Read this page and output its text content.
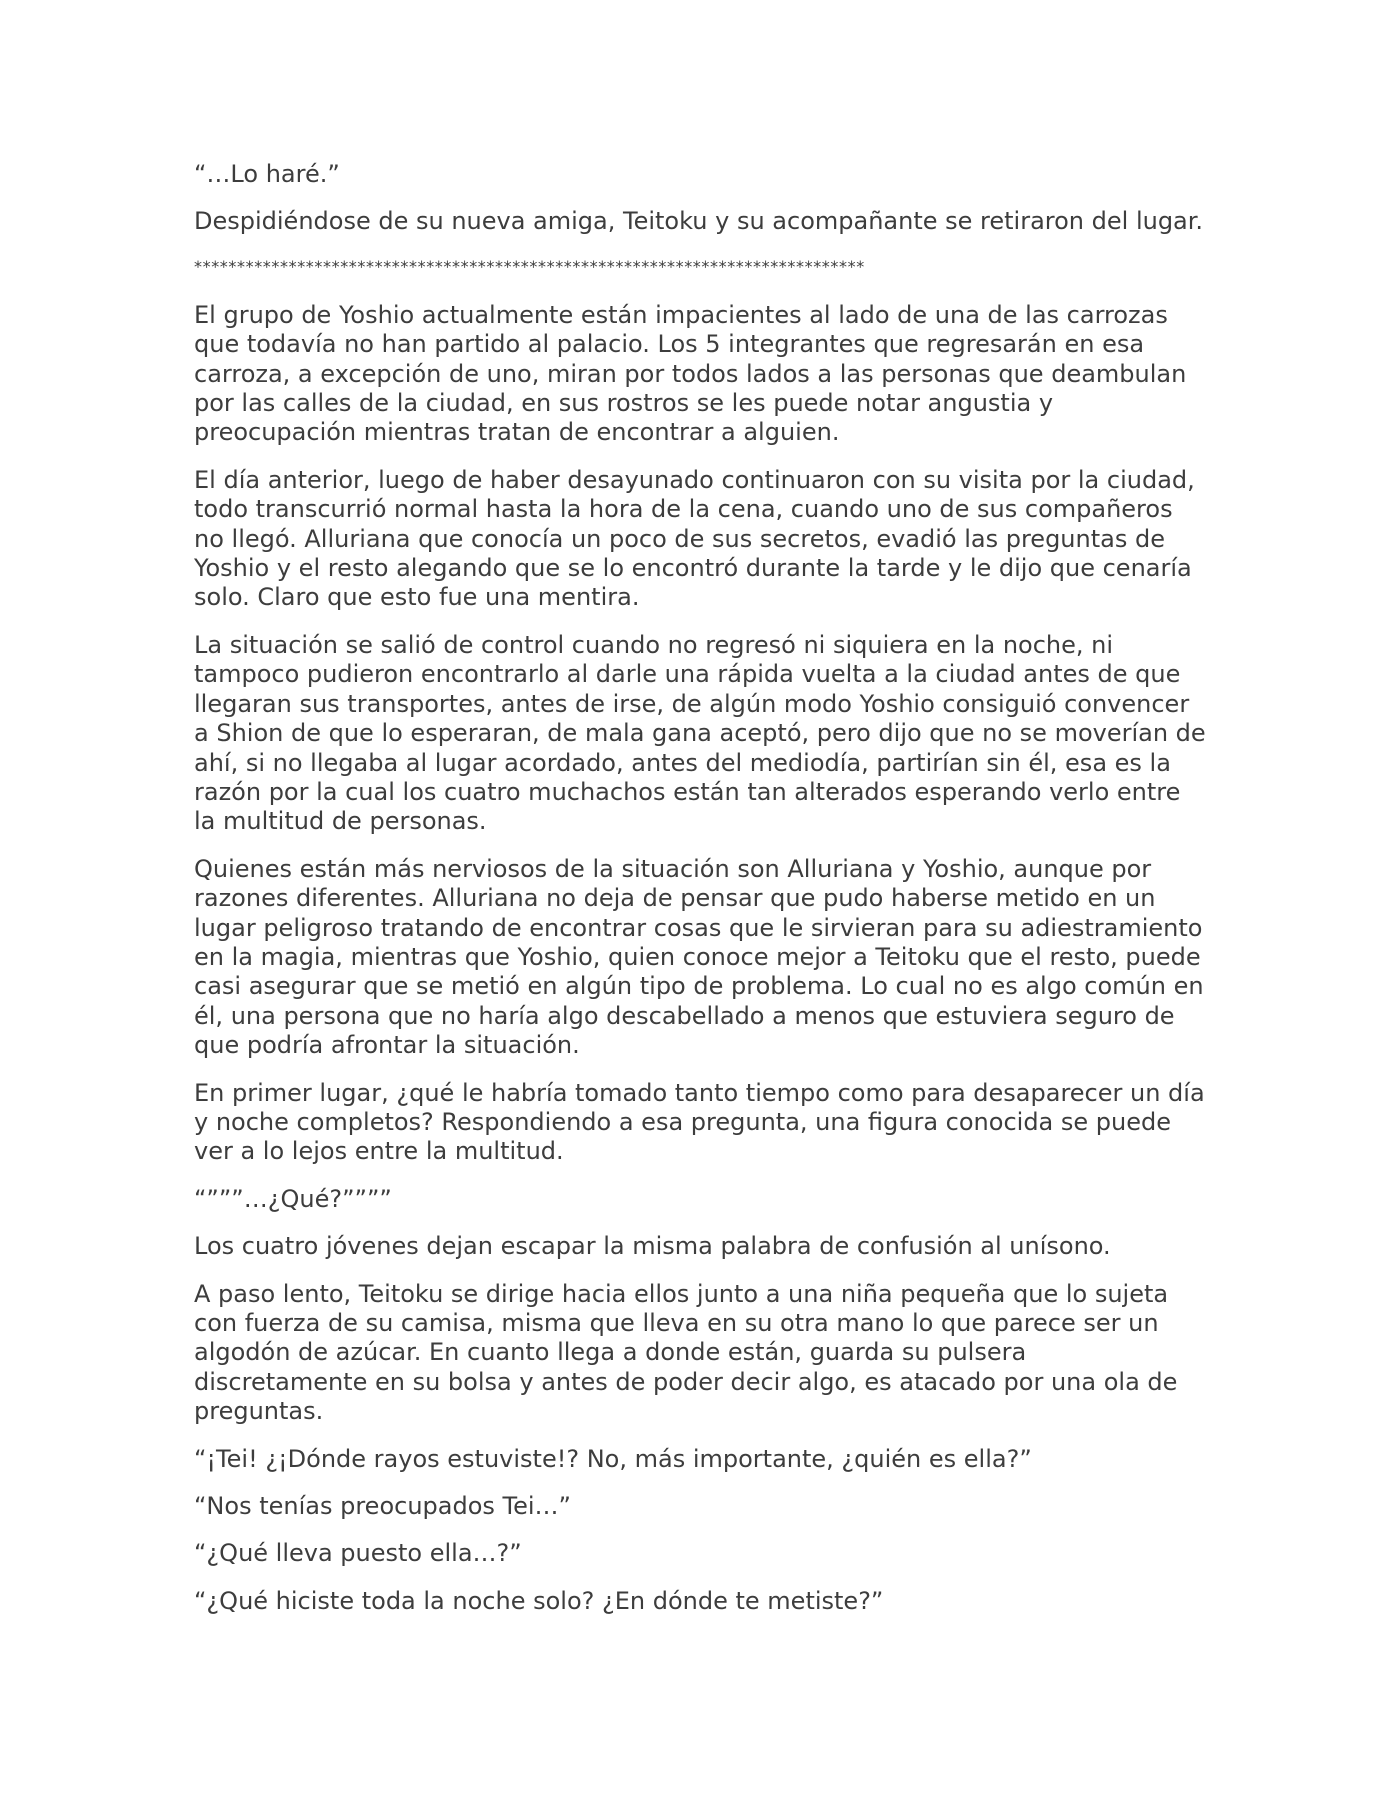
“…Lo haré.”

Despidiéndose de su nueva amiga, Teitoku y su acompañante se retiraron del lugar.

******************************************************************************

El grupo de Yoshio actualmente están impacientes al lado de una de las carrozas que todavía no han partido al palacio. Los 5 integrantes que regresarán en esa carroza, a excepción de uno, miran por todos lados a las personas que deambulan por las calles de la ciudad, en sus rostros se les puede notar angustia y preocupación mientras tratan de encontrar a alguien.

El día anterior, luego de haber desayunado continuaron con su visita por la ciudad, todo transcurrió normal hasta la hora de la cena, cuando uno de sus compañeros no llegó. Alluriana que conocía un poco de sus secretos, evadió las preguntas de Yoshio y el resto alegando que se lo encontró durante la tarde y le dijo que cenaría solo. Claro que esto fue una mentira.

La situación se salió de control cuando no regresó ni siquiera en la noche, ni tampoco pudieron encontrarlo al darle una rápida vuelta a la ciudad antes de que llegaran sus transportes, antes de irse, de algún modo Yoshio consiguió convencer a Shion de que lo esperaran, de mala gana aceptó, pero dijo que no se moverían de ahí, si no llegaba al lugar acordado, antes del mediodía, partirían sin él, esa es la razón por la cual los cuatro muchachos están tan alterados esperando verlo entre la multitud de personas.

Quienes están más nerviosos de la situación son Alluriana y Yoshio, aunque por razones diferentes. Alluriana no deja de pensar que pudo haberse metido en un lugar peligroso tratando de encontrar cosas que le sirvieran para su adiestramiento en la magia, mientras que Yoshio, quien conoce mejor a Teitoku que el resto, puede casi asegurar que se metió en algún tipo de problema. Lo cual no es algo común en él, una persona que no haría algo descabellado a menos que estuviera seguro de que podría afrontar la situación.

En primer lugar, ¿qué le habría tomado tanto tiempo como para desaparecer un día y noche completos? Respondiendo a esa pregunta, una figura conocida se puede ver a lo lejos entre la multitud.

“”””…¿Qué?””””

Los cuatro jóvenes dejan escapar la misma palabra de confusión al unísono.

A paso lento, Teitoku se dirige hacia ellos junto a una niña pequeña que lo sujeta con fuerza de su camisa, misma que lleva en su otra mano lo que parece ser un algodón de azúcar. En cuanto llega a donde están, guarda su pulsera discretamente en su bolsa y antes de poder decir algo, es atacado por una ola de preguntas.

“¡Tei! ¿¡Dónde rayos estuviste!? No, más importante, ¿quién es ella?”

“Nos tenías preocupados Tei…”

“¿Qué lleva puesto ella…?”

“¿Qué hiciste toda la noche solo? ¿En dónde te metiste?”
